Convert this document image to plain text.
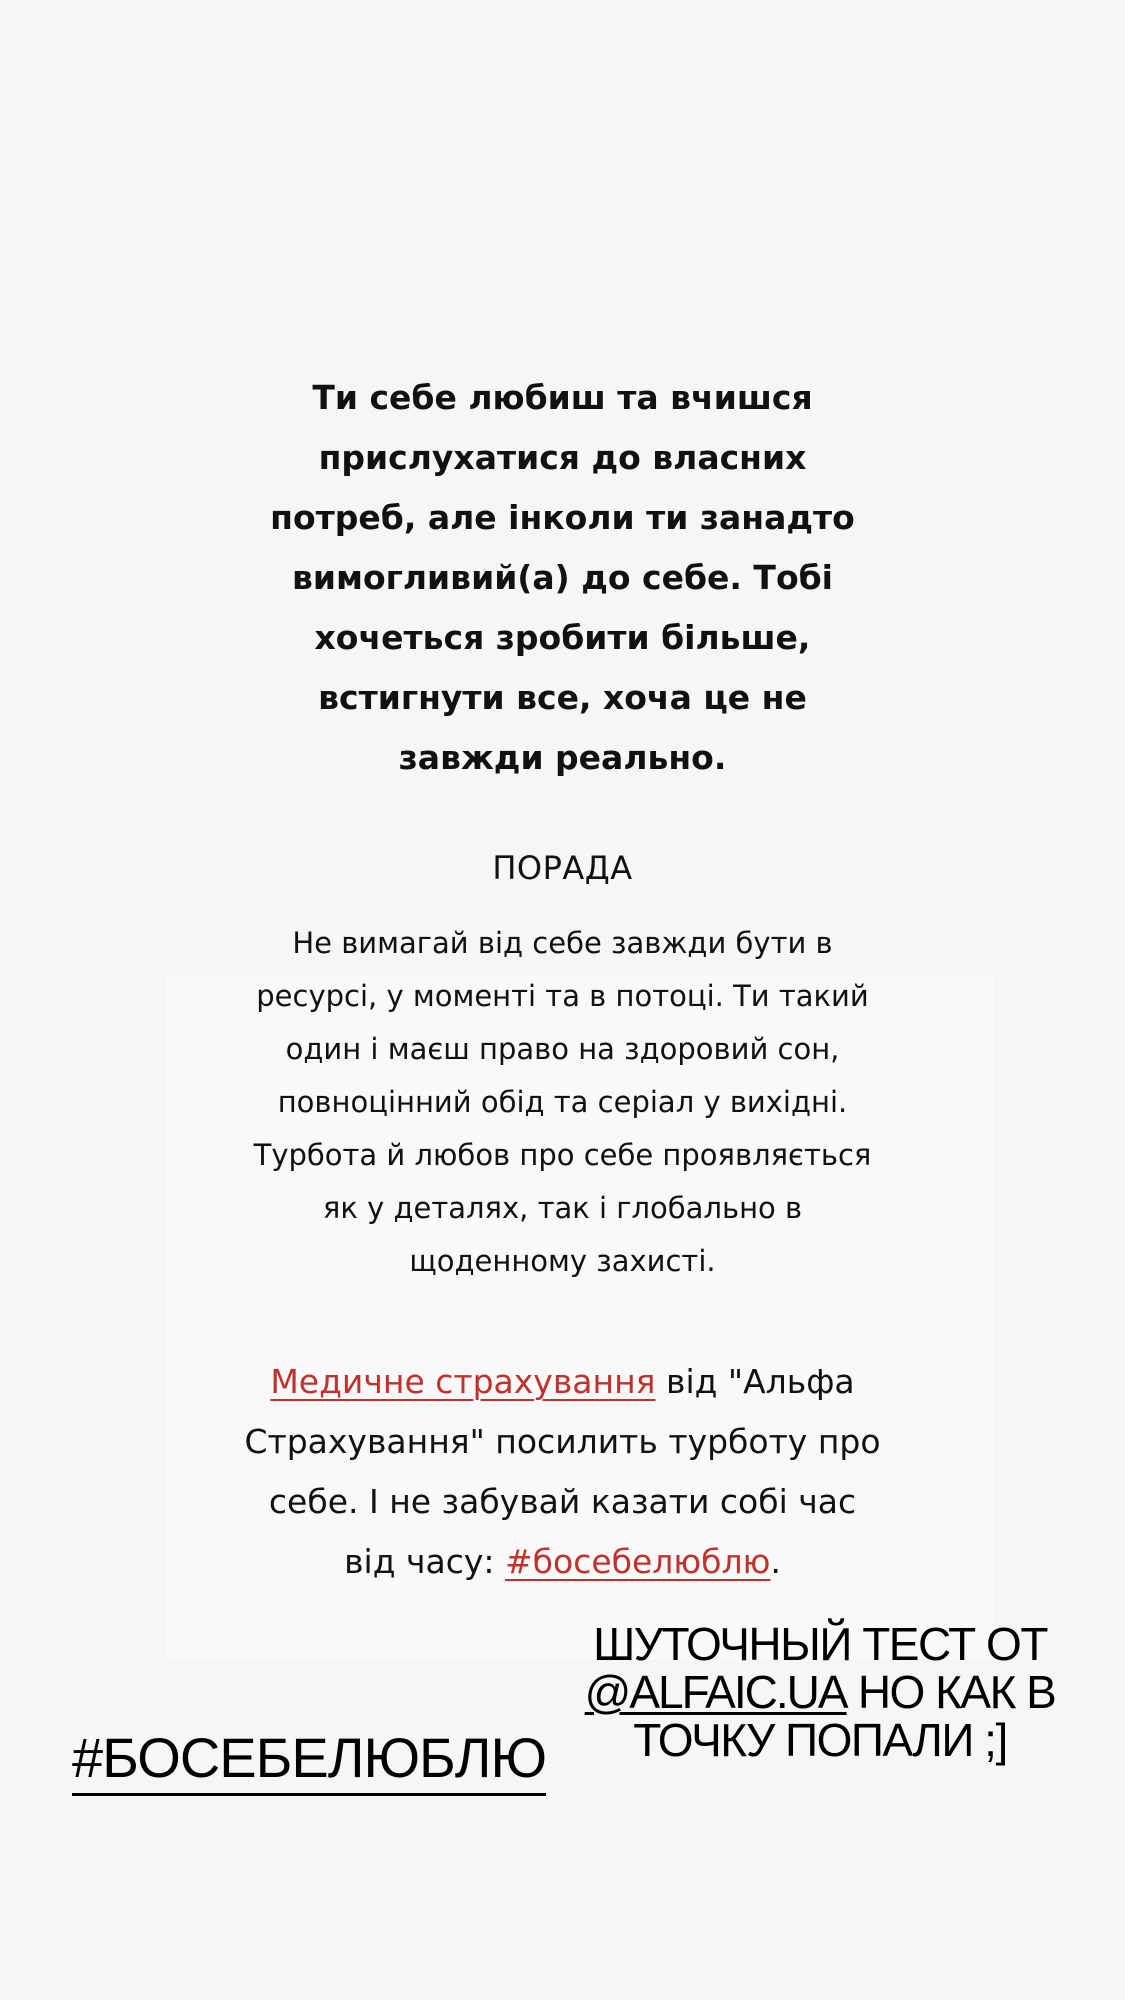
Ти себе любиш та вчишся прислухатися до власних потреб, але інколи ти занадто вимогливий(а) до себе. Тобі хочеться зробити більше, встигнути все, хоча це не завжди реально.
ПОРАДА
Не вимагай від себе завжди бути в ресурсі, у моменті та в потоці. Ти такий один і маєш право на здоровий сон, повноцінний обід та серіал у вихідні. Турбота й любов про себе проявляється як у деталях, так і глобально в щоденному захисті.
Медичне страхування від "Альфа Страхування" посилить турботу про себе. І не забувай казати собі час від часу: #босебелюблю.
#БОСЕБЕЛЮБЛЮ
ШУТОЧНЫЙ ТЕСТ ОТ
@ALFAIC.UA НО КАК В
ТОЧКУ ПОПАЛИ ;]
